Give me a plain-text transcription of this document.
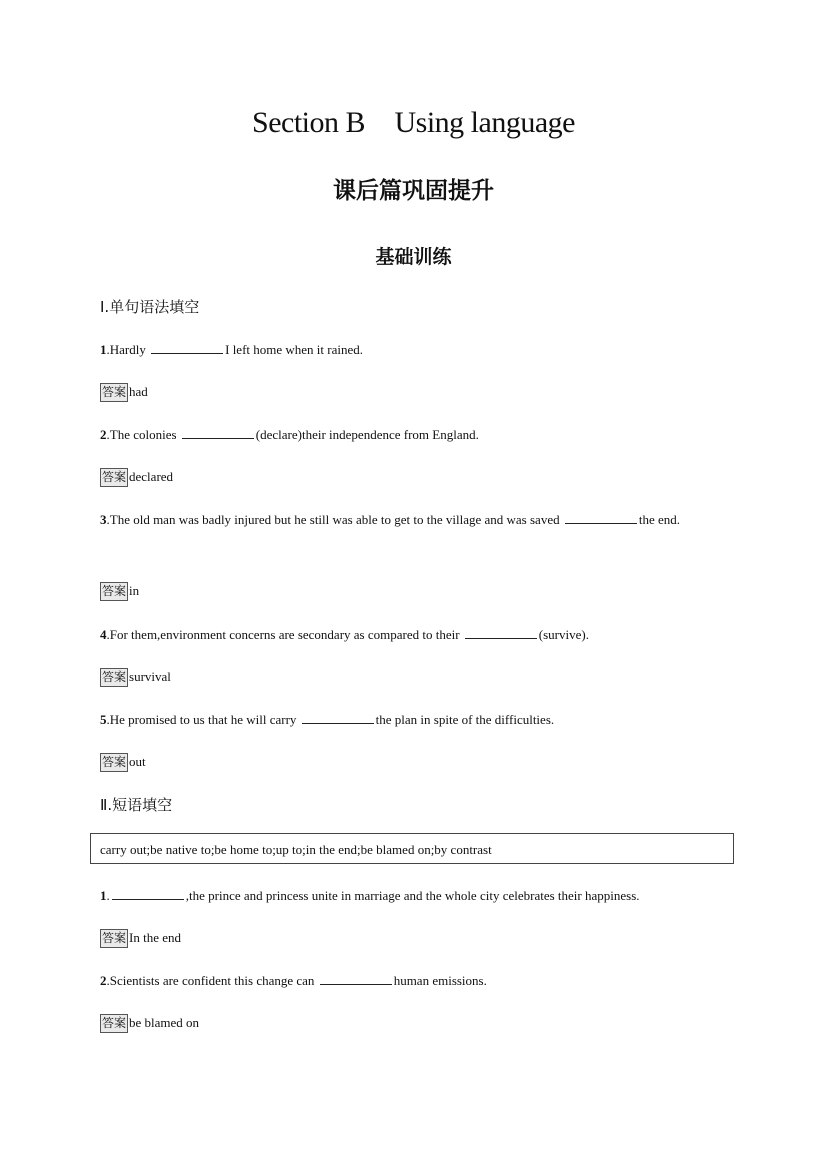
Section B Using language
课后篇巩固提升
基础训练
Ⅰ.单句语法填空
1.Hardly	I left home when it rained.
答案 had
2.The colonies	(declare)their independence from England.
答案 declared
3.The old man was badly injured but he still was able to get to the village and was saved	the end.
答案 in
4.For them,environment concerns are secondary as compared to their	(survive).
答案 survival
5.He promised to us that he will carry	the plan in spite of the difficulties.
答案 out
Ⅱ.短语填空
carry out;be native to;be home to;up to;in the end;be blamed on;by contrast
1.	,the prince and princess unite in marriage and the whole city celebrates their happiness.
答案 In the end
2.Scientists are confident this change can	human emissions.
答案 be blamed on
